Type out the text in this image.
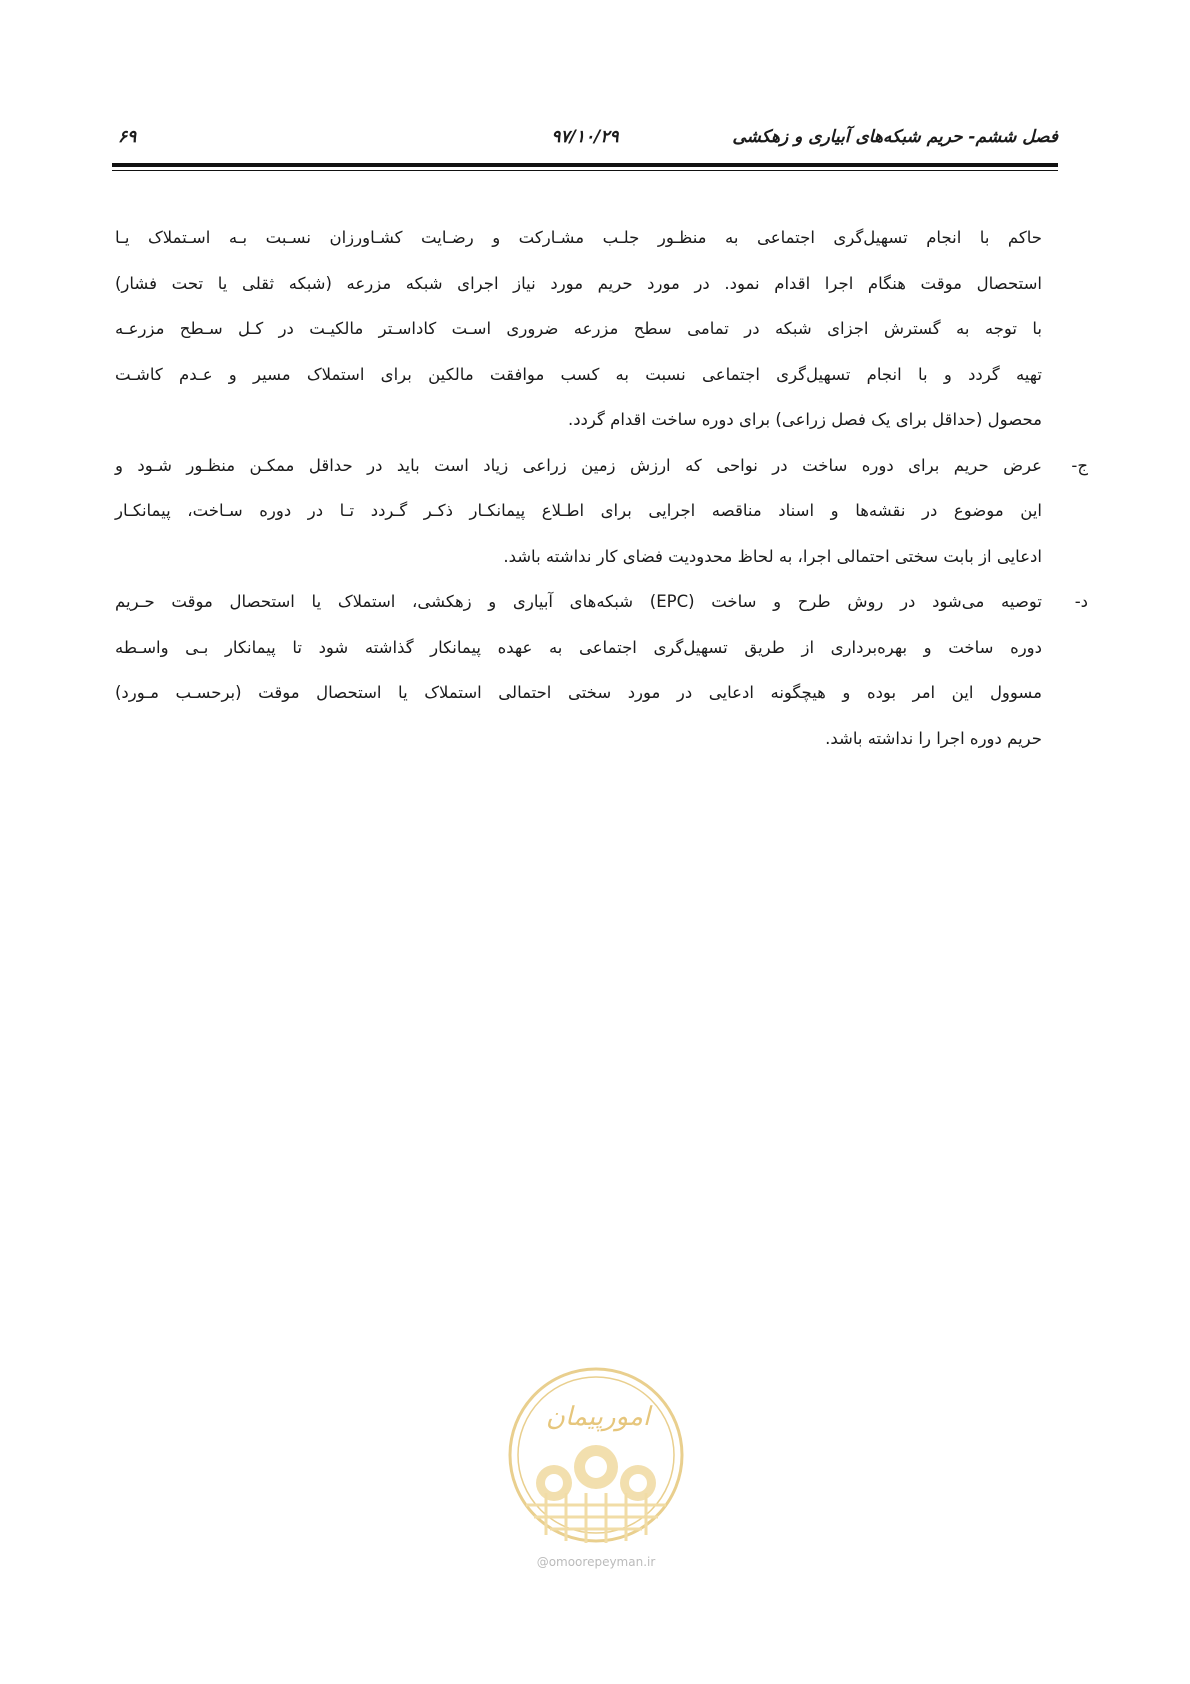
فصل ششم- حریم شبکه‌های آبیاری و زهکشی
۹۷/۱۰/۲۹
۶۹
حاکم با انجام تسهیل‌گری اجتماعی به منظـور جلـب مشـارکت و رضـایت کشـاورزان نسـبت بـه اسـتملاک یـا
استحصال موقت هنگام اجرا اقدام نمود. در مورد حریم مورد نیاز اجرای شبکه مزرعه (شبکه ثقلی یا تحت فشار)
با توجه به گسترش اجزای شبکه در تمامی سطح مزرعه ضروری اسـت کاداسـتر مالکیـت در کـل سـطح مزرعـه
تهیه گردد و با انجام تسهیل‌گری اجتماعی نسبت به کسب موافقت مالکین برای استملاک مسیر و عـدم کاشـت
محصول (حداقل برای یک فصل زراعی) برای دوره ساخت اقدام گردد.
ج-
عرض حریم برای دوره ساخت در نواحی که ارزش زمین زراعی زیاد است باید در حداقل ممکـن منظـور شـود و
این موضوع در نقشه‌ها و اسناد مناقصه اجرایی برای اطـلاع پیمانکـار ذکـر گـردد تـا در دوره سـاخت، پیمانکـار
ادعایی از بابت سختی احتمالی اجرا، به لحاظ محدودیت فضای کار نداشته باشد.
د-
توصیه می‌شود در روش طرح و ساخت (EPC) شبکه‌های آبیاری و زهکشی، استملاک یا استحصال موقت حـریم
دوره ساخت و بهره‌برداری از طریق تسهیل‌گری اجتماعی به عهده پیمانکار گذاشته شود تا پیمانکار بـی واسـطه
مسوول این امر بوده و هیچگونه ادعایی در مورد سختی احتمالی استملاک یا استحصال موقت (برحسـب مـورد)
حریم دوره اجرا را نداشته باشد.
امورپیمان
@omoorepeyman.ir
